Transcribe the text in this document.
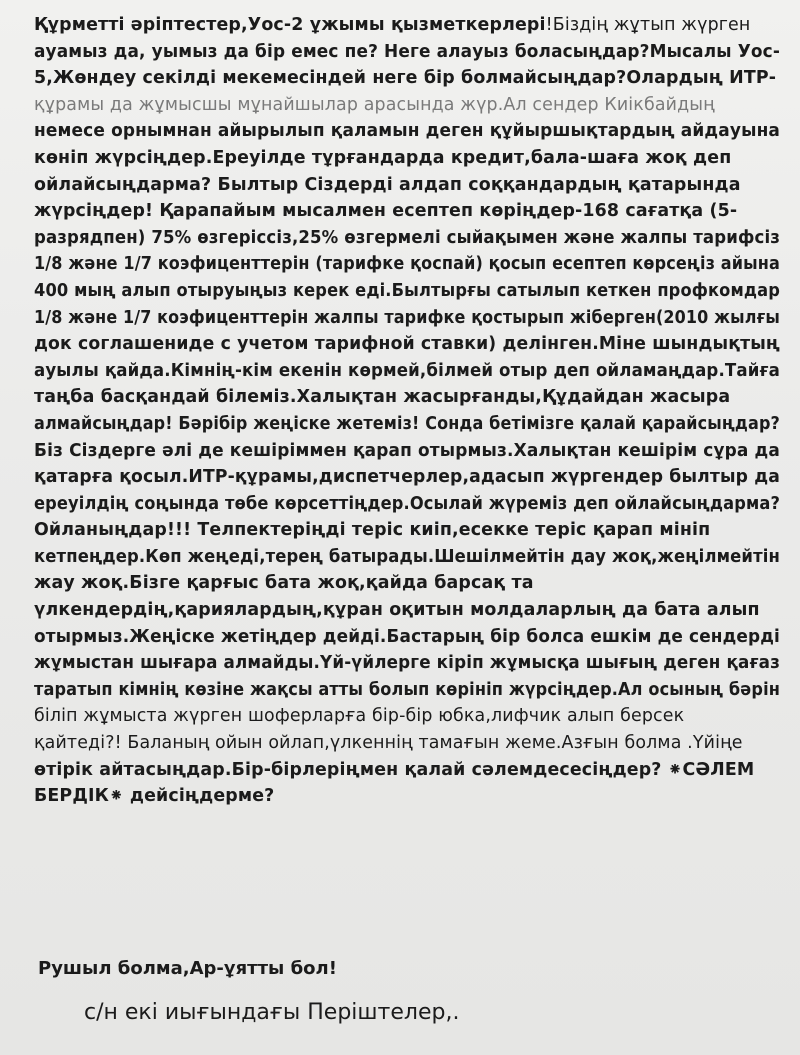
Құрметті әріптестер,Уос-2 ұжымы қызметкерлері!Біздің жұтып жүрген
ауамыз да, уымыз да бір емес пе? Неге алауыз боласыңдар?Мысалы Уос-
5,Жөндеу секілді мекемесіндей неге бір болмайсыңдар?Олардың ИТР-
құрамы да жұмысшы мұнайшылар арасында жүр.Ал сендер Киікбайдың
немесе орнымнан айырылып қаламын деген құйыршықтардың айдауына
көніп жүрсіңдер.Ереуілде тұрғандарда кредит,бала-шаға жоқ деп
ойлайсыңдарма? Былтыр Сіздерді алдап соққандардың қатарында
жүрсіңдер! Қарапайым мысалмен есептеп көріңдер-168 сағатқа (5-
разрядпен) 75% өзгеріссіз,25% өзгермелі сыйақымен және жалпы тарифсіз
1/8 және 1/7 коэфиценттерін (тарифке қоспай) қосып есептеп көрсеңіз айына
400 мың алып отыруыңыз керек еді.Былтырғы сатылып кеткен профкомдар
1/8 және 1/7 коэфиценттерін жалпы тарифке қостырып жіберген(2010 жылғы
док соглашениде с учетом тарифной ставки) делінген.Міне шындықтың
ауылы қайда.Кімнің-кім екенін көрмей,білмей отыр деп ойламаңдар.Тайға
таңба басқандай білеміз.Халықтан жасырғанды,Құдайдан жасыра
алмайсыңдар! Бәрібір жеңіске жетеміз! Сонда бетімізге қалай қарайсыңдар?
Біз Сіздерге әлі де кешіріммен қарап отырмыз.Халықтан кешірім сұра да
қатарға қосыл.ИТР-құрамы,диспетчерлер,адасып жүргендер былтыр да
ереуілдің соңында төбе көрсеттіңдер.Осылай жүреміз деп ойлайсыңдарма?
Ойланыңдар!!! Телпектеріңді теріс киіп,есекке теріс қарап мініп
кетпеңдер.Көп жеңеді,терең батырады.Шешілмейтін дау жоқ,жеңілмейтін
жау жоқ.Бізге қарғыс бата жоқ,қайда барсақ та
үлкендердің,қариялардың,құран оқитын молдаларлың да бата алып
отырмыз.Жеңіске жетіңдер дейді.Бастарың бір болса ешкім де сендерді
жұмыстан шығара алмайды.Үй-үйлерге кіріп жұмысқа шығың деген қағаз
таратып кімнің көзіне жақсы атты болып көрініп жүрсіңдер.Ал осының бәрін
біліп жұмыста жүрген шоферларға бір-бір юбка,лифчик алып берсек
қайтеді?! Баланың ойын ойлап,үлкеннің тамағын жеме.Азғын болма .Үйіңе
өтірік айтасыңдар.Бір-бірлеріңмен қалай сәлемдесесіңдер? ⁕СӘЛЕМ
БЕРДІК⁕ дейсіңдерме?
Рушыл болма,Ар-ұятты бол!
с/н екі иығындағы Періштелер,.
